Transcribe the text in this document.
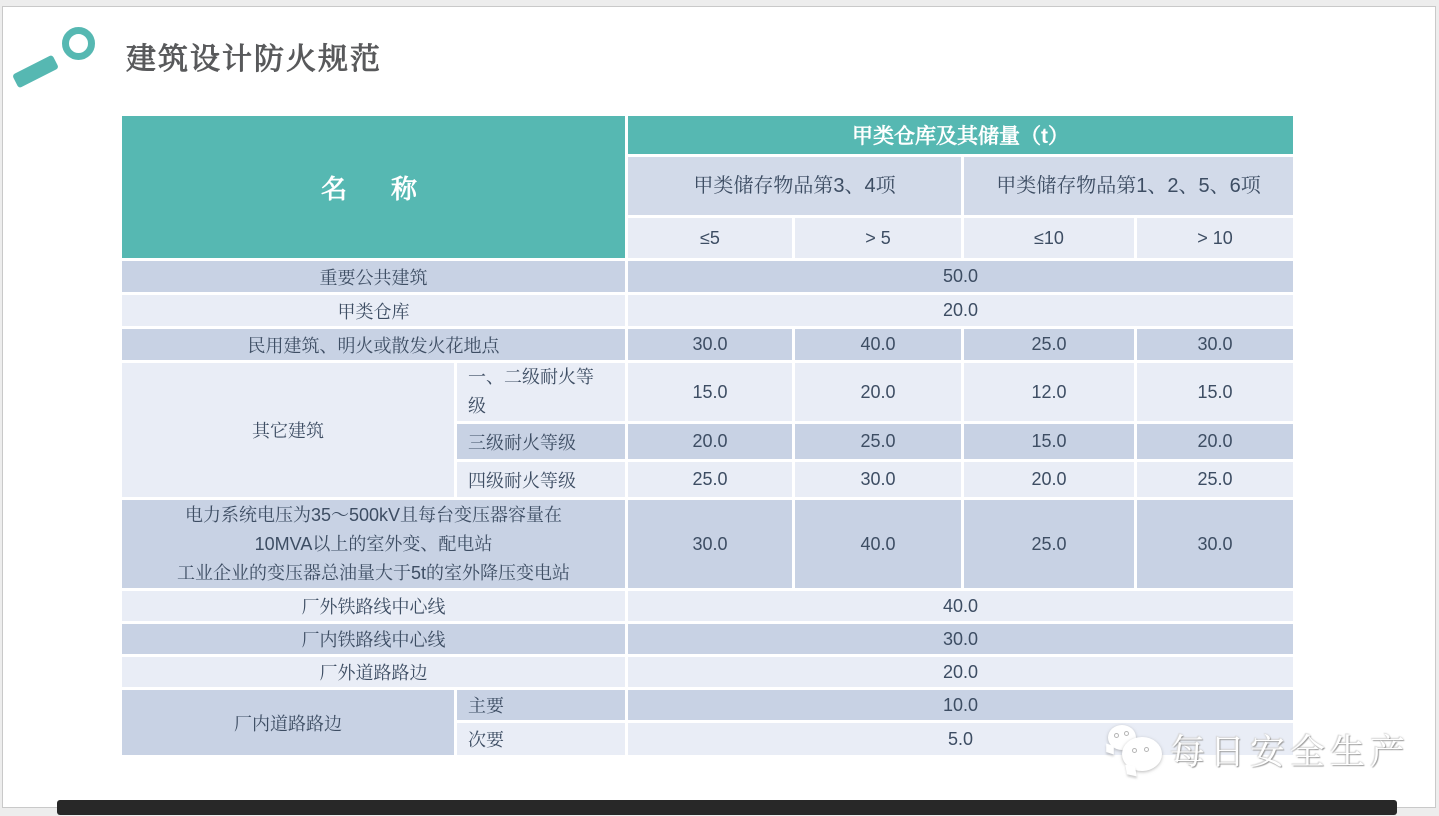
建筑设计防火规范
名　称		甲类仓库及其储量（t）			
		甲类储存物品第3、4项		甲类储存物品第1、2、5、6项	
		≤5	> 5	≤10	> 10
重要公共建筑		50.0			
甲类仓库		20.0			
民用建筑、明火或散发火花地点		30.0	40.0	25.0	30.0
其它建筑	一、二级耐火等级	15.0	20.0	12.0	15.0
	三级耐火等级	20.0	25.0	15.0	20.0
	四级耐火等级	25.0	30.0	20.0	25.0

电力系统电压为35～500kV且每台变压器容量在
10MVA以上的室外变、配电站
工业企业的变压器总油量大于5t的室外降压变电站		30.0	40.0	25.0	30.0
厂外铁路线中心线		40.0			
厂内铁路线中心线		30.0			
厂外道路路边		20.0			
厂内道路路边	主要	10.0			
	次要	5.0				每日安全生产
